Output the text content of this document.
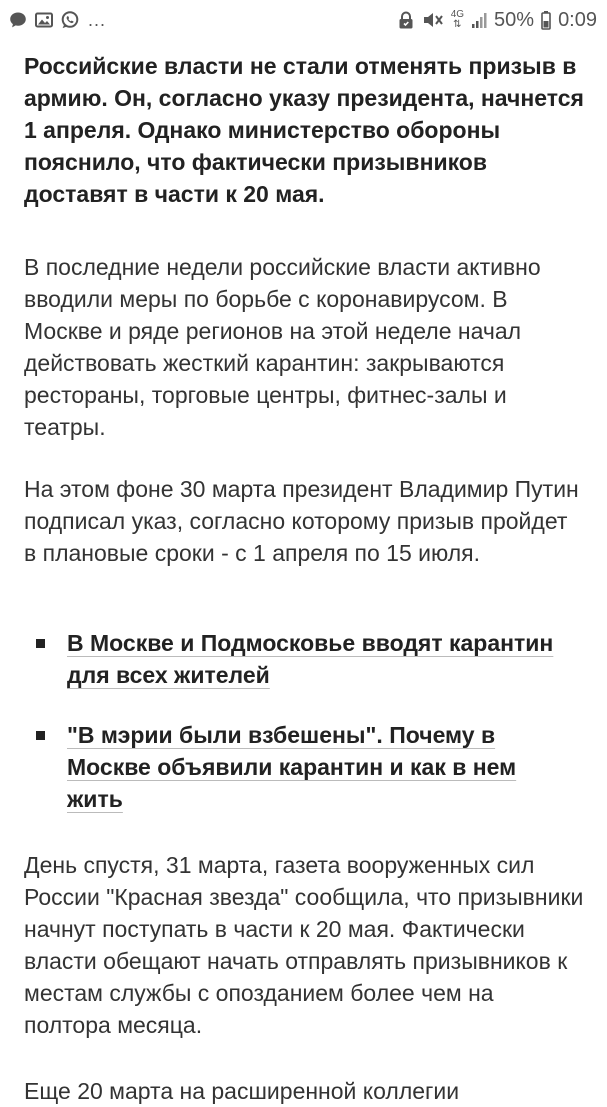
...	4G
⇅ 50% 0:09

Российские власти не стали отменять призыв в армию. Он, согласно указу президента, начнется 1 апреля. Однако министерство обороны пояснило, что фактически призывников доставят в части к 20 мая.

В последние недели российские власти активно вводили меры по борьбе с коронавирусом. В Москве и ряде регионов на этой неделе начал действовать жесткий карантин: закрываются рестораны, торговые центры, фитнес-залы и театры.

На этом фоне 30 марта президент Владимир Путин подписал указ, согласно которому призыв пройдет в плановые сроки - с 1 апреля по 15 июля.

В Москве и Подмосковье вводят карантин для всех жителей
"В мэрии были взбешены". Почему в Москве объявили карантин и как в нем жить

День спустя, 31 марта, газета вооруженных сил России "Красная звезда" сообщила, что призывники начнут поступать в части к 20 мая. Фактически власти обещают начать отправлять призывников к местам службы с опозданием более чем на полтора месяца.

Еще 20 марта на расширенной коллегии
